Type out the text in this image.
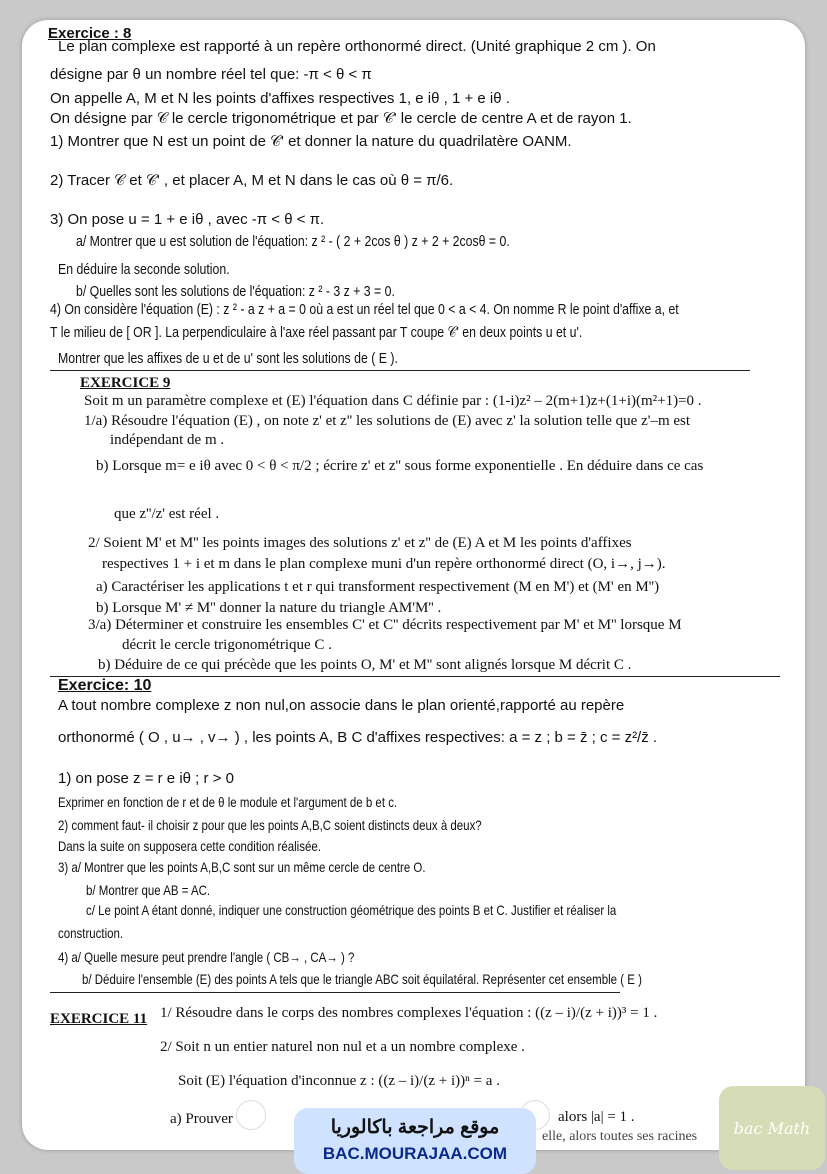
Exercice : 8
Le plan complexe est rapporté à un repère orthonormé direct. (Unité graphique 2 cm ). On
désigne par θ un nombre réel tel que: -π < θ < π
On appelle A, M et N les points d'affixes respectives 1, e iθ , 1 + e iθ .
On désigne par 𝒞 le cercle trigonométrique et par 𝒞' le cercle de centre A et de rayon 1.
1) Montrer que N est un point de 𝒞' et donner la nature du quadrilatère OANM.
2) Tracer 𝒞 et 𝒞' , et placer A, M et N dans le cas où θ = π/6.
3) On pose u = 1 + e iθ , avec -π < θ < π.
a/ Montrer que u est solution de l'équation: z ² - ( 2 + 2cos θ ) z + 2 + 2cosθ = 0.
En déduire la seconde solution.
b/ Quelles sont les solutions de l'équation: z ² - 3 z + 3 = 0.
4) On considère l'équation (E) : z ² - a z + a = 0 où a est un réel tel que 0 < a < 4. On nomme R le point d'affixe a, et
T le milieu de [ OR ]. La perpendiculaire à l'axe réel passant par T coupe 𝒞' en deux points u et u'.
Montrer que les affixes de u et de u' sont les solutions de ( E ).
EXERCICE 9
Soit m un paramètre complexe et (E) l'équation dans C définie par : (1-i)z² – 2(m+1)z+(1+i)(m²+1)=0 .
1/a) Résoudre l'équation (E) , on note z' et z'' les solutions de (E) avec z' la solution telle que z'–m est
indépendant de m .
b) Lorsque m= e iθ avec 0 < θ < π/2 ; écrire z' et z'' sous forme exponentielle . En déduire dans ce cas
que z''/z' est réel .
2/ Soient M' et M'' les points images des solutions z' et z'' de (E) A et M les points d'affixes
respectives 1 + i et m dans le plan complexe muni d'un repère orthonormé direct (O, i→, j→).
a) Caractériser les applications t et r qui transforment respectivement (M en M') et (M' en M'')
b) Lorsque M' ≠ M'' donner la nature du triangle AM'M'' .
3/a) Déterminer et construire les ensembles C' et C'' décrits respectivement par M' et M'' lorsque M
décrit le cercle trigonométrique C .
b) Déduire de ce qui précède que les points O, M' et M'' sont alignés lorsque M décrit C .
Exercice: 10
A tout nombre complexe z non nul,on associe dans le plan orienté,rapporté au repère
orthonormé ( O , u→ , v→ ) , les points A, B C d'affixes respectives: a = z ; b = z̄ ; c = z²/z̄ .
1) on pose z = r e iθ ; r > 0
Exprimer en fonction de r et de θ le module et l'argument de b et c.
2) comment faut- il choisir z pour que les points A,B,C soient distincts deux à deux?
Dans la suite on supposera cette condition réalisée.
3) a/ Montrer que les points A,B,C sont sur un même cercle de centre O.
b/ Montrer que AB = AC.
c/ Le point A étant donné, indiquer une construction géométrique des points B et C. Justifier et réaliser la
construction.
4) a/ Quelle mesure peut prendre l'angle ( CB→ , CA→ ) ?
b/ Déduire l'ensemble (E) des points A tels que le triangle ABC soit équilatéral. Représenter cet ensemble ( E )
EXERCICE 11 1/ Résoudre dans le corps des nombres complexes l'équation : ((z – i)/(z + i))³ = 1 .
2/ Soit n un entier naturel non nul et a un nombre complexe .
Soit (E) l'équation d'inconnue z : ((z – i)/(z + i))ⁿ = a .
a) Prouver	alors |a| = 1 .
elle, alors toutes ses racines
موقع مراجعة باكالوريا
BAC.MOURAJAA.COM
bac Math
